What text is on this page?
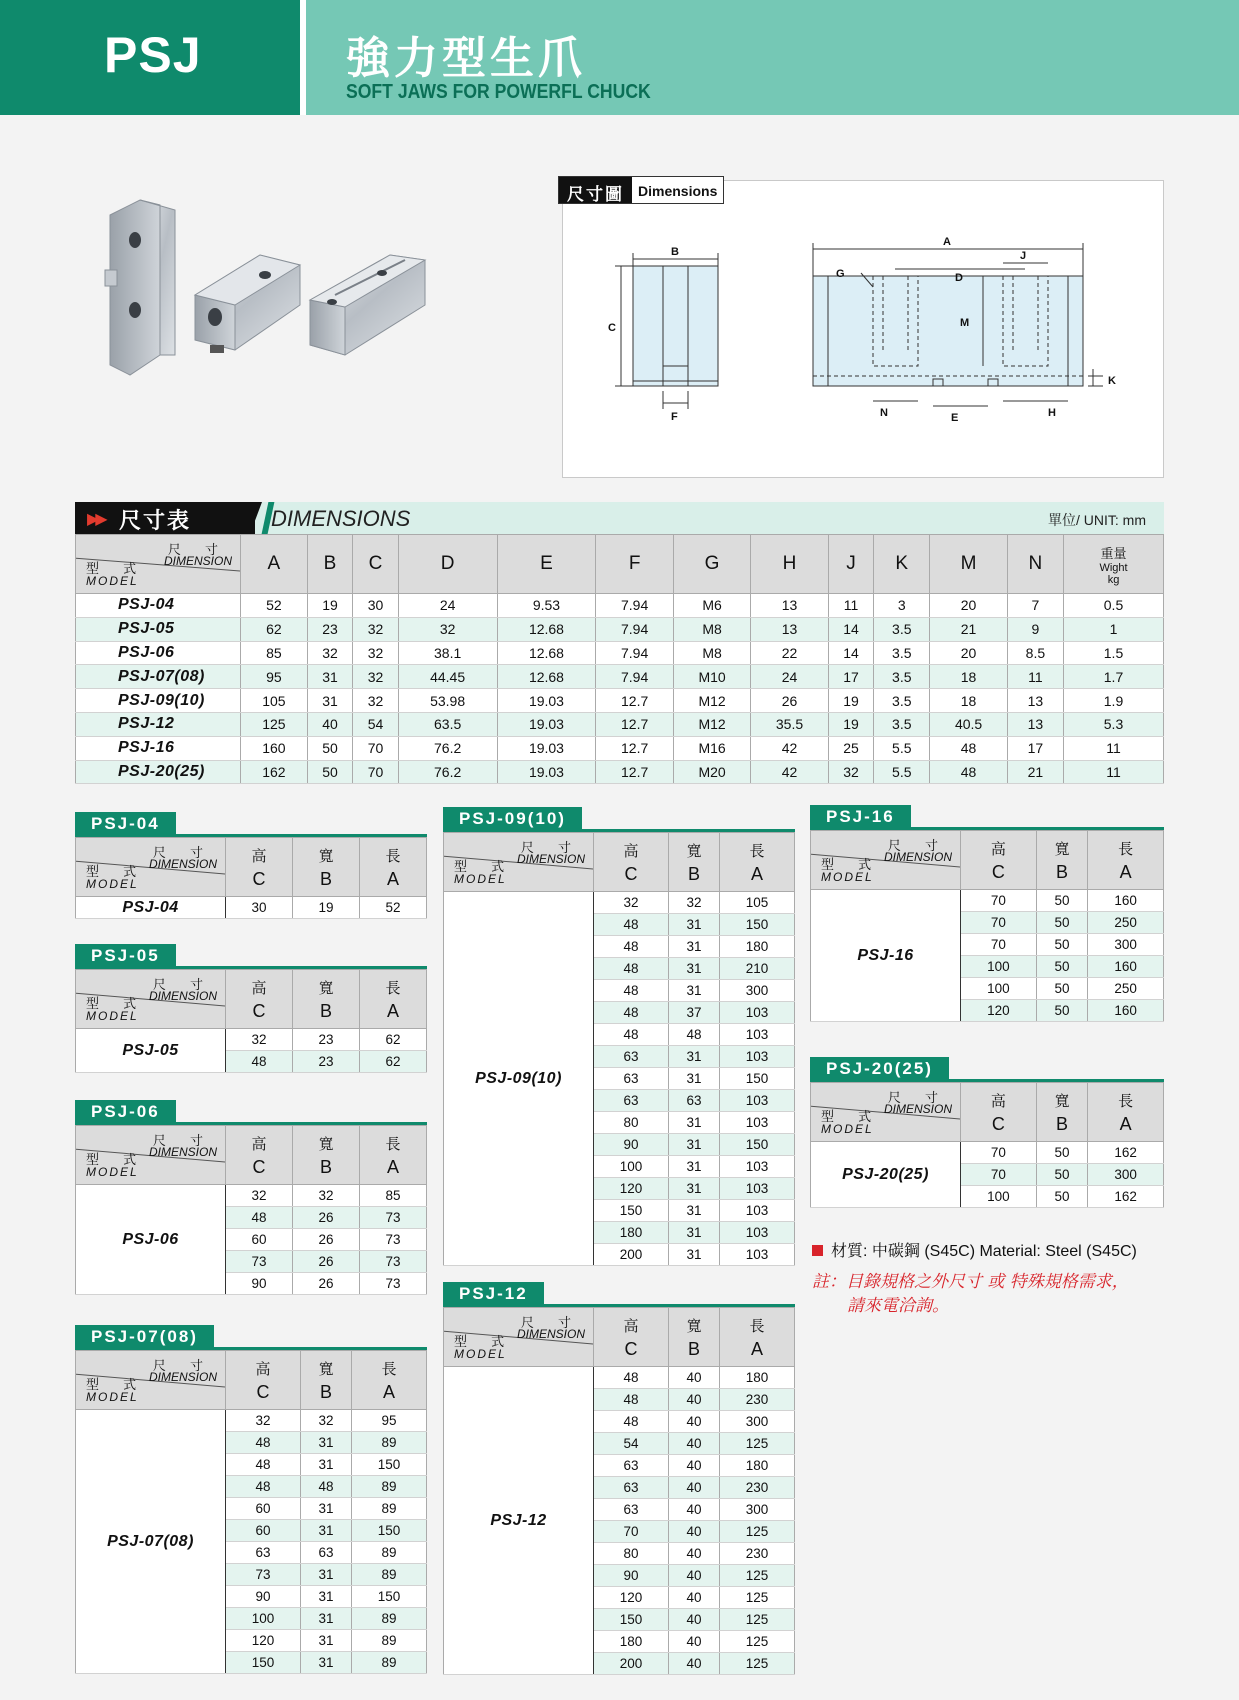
PSJ	強力型生爪
SOFT JAWS FOR POWERFL CHUCK
B
C
F
A
G	D
J
M
K
N	E	H
尺寸圖	Dimensions
▶▶ 尺寸表	DIMENSIONS	單位/ UNIT: mm
尺 寸
DIMENSION
型 式
MODEL	A	B	C	D	E	F	G	H	J	K	M	N	重量
Wight
kg

PSJ-04	52	19	30	24	9.53	7.94	M6	13	11	3	20	7	0.5
PSJ-05	62	23	32	32	12.68	7.94	M8	13	14	3.5	21	9	1
PSJ-06	85	32	32	38.1	12.68	7.94	M8	22	14	3.5	20	8.5	1.5
PSJ-07(08)	95	31	32	44.45	12.68	7.94	M10	24	17	3.5	18	11	1.7
PSJ-09(10)	105	31	32	53.98	19.03	12.7	M12	26	19	3.5	18	13	1.9
PSJ-12	125	40	54	63.5	19.03	12.7	M12	35.5	19	3.5	40.5	13	5.3
PSJ-16	160	50	70	76.2	19.03	12.7	M16	42	25	5.5	48	17	11
PSJ-20(25)	162	50	70	76.2	19.03	12.7	M20	42	32	5.5	48	21	11
PSJ-04
尺 寸
DIMENSION
型 式
MODEL	高
C	寬
B	長
A
PSJ-04	30	19	52
PSJ-05
尺 寸
DIMENSION
型 式
MODEL	高
C	寬
B	長
A
PSJ-05	32	23	62
	48	23	62
PSJ-06
尺 寸
DIMENSION
型 式
MODEL	高
C	寬
B	長
A
PSJ-06	32	32	85
	48	26	73
	60	26	73
	73	26	73
	90	26	73
PSJ-07(08)
尺 寸
DIMENSION
型 式
MODEL	高
C	寬
B	長
A
PSJ-07(08)	32	32	95
	48	31	89
	48	31	150
	48	48	89
	60	31	89
	60	31	150
	63	63	89
	73	31	89
	90	31	150
	100	31	89
	120	31	89
	150	31	89
PSJ-09(10)
尺 寸
DIMENSION
型 式
MODEL	高
C	寬
B	長
A
PSJ-09(10)	32	32	105
	48	31	150
	48	31	180
	48	31	210
	48	31	300
	48	37	103
	48	48	103
	63	31	103
	63	31	150
	63	63	103
	80	31	103
	90	31	150
	100	31	103
	120	31	103
	150	31	103
	180	31	103
	200	31	103
PSJ-12
尺 寸
DIMENSION
型 式
MODEL	高
C	寬
B	長
A
PSJ-12	48	40	180
	48	40	230
	48	40	300
	54	40	125
	63	40	180
	63	40	230
	63	40	300
	70	40	125
	80	40	230
	90	40	125
	120	40	125
	150	40	125
	180	40	125
	200	40	125
PSJ-16
尺 寸
DIMENSION
型 式
MODEL	高
C	寬
B	長
A
PSJ-16	70	50	160
	70	50	250
	70	50	300
	100	50	160
	100	50	250
	120	50	160
PSJ-20(25)
尺 寸
DIMENSION
型 式
MODEL	高
C	寬
B	長
A
PSJ-20(25)	70	50	162
	70	50	300
	100	50	162
材質: 中碳鋼 (S45C) Material: Steel (S45C)
註：目錄規格之外尺寸 或 特殊規格需求，
請來電洽詢。
